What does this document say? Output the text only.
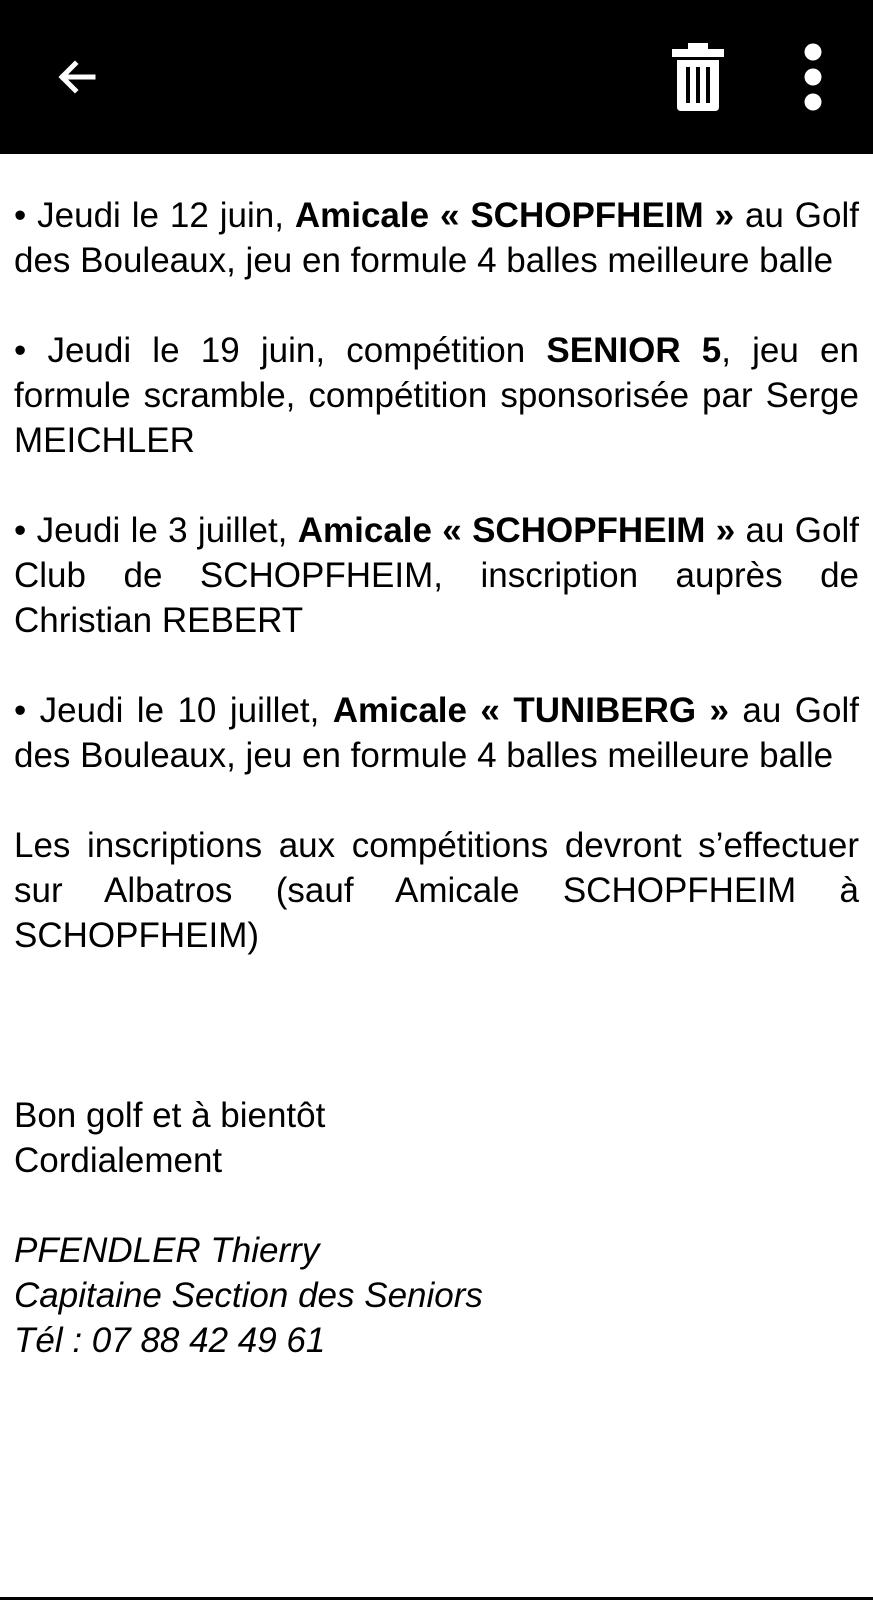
• Jeudi le 12 juin, Amicale « SCHOPFHEIM » au Golf des Bouleaux, jeu en formule 4 balles meilleure balle

• Jeudi le 19 juin, compétition SENIOR 5, jeu en formule scramble, compétition sponsorisée par Serge MEICHLER

• Jeudi le 3 juillet, Amicale « SCHOPFHEIM » au Golf Club de SCHOPFHEIM, inscription auprès de Christian REBERT

• Jeudi le 10 juillet, Amicale « TUNIBERG » au Golf des Bouleaux, jeu en formule 4 balles meilleure balle

Les inscriptions aux compétitions devront s’effectuer sur Albatros (sauf Amicale SCHOPFHEIM à SCHOPFHEIM)

Bon golf et à bientôt

Cordialement

PFENDLER Thierry

Capitaine Section des Seniors

Tél : 07 88 42 49 61
